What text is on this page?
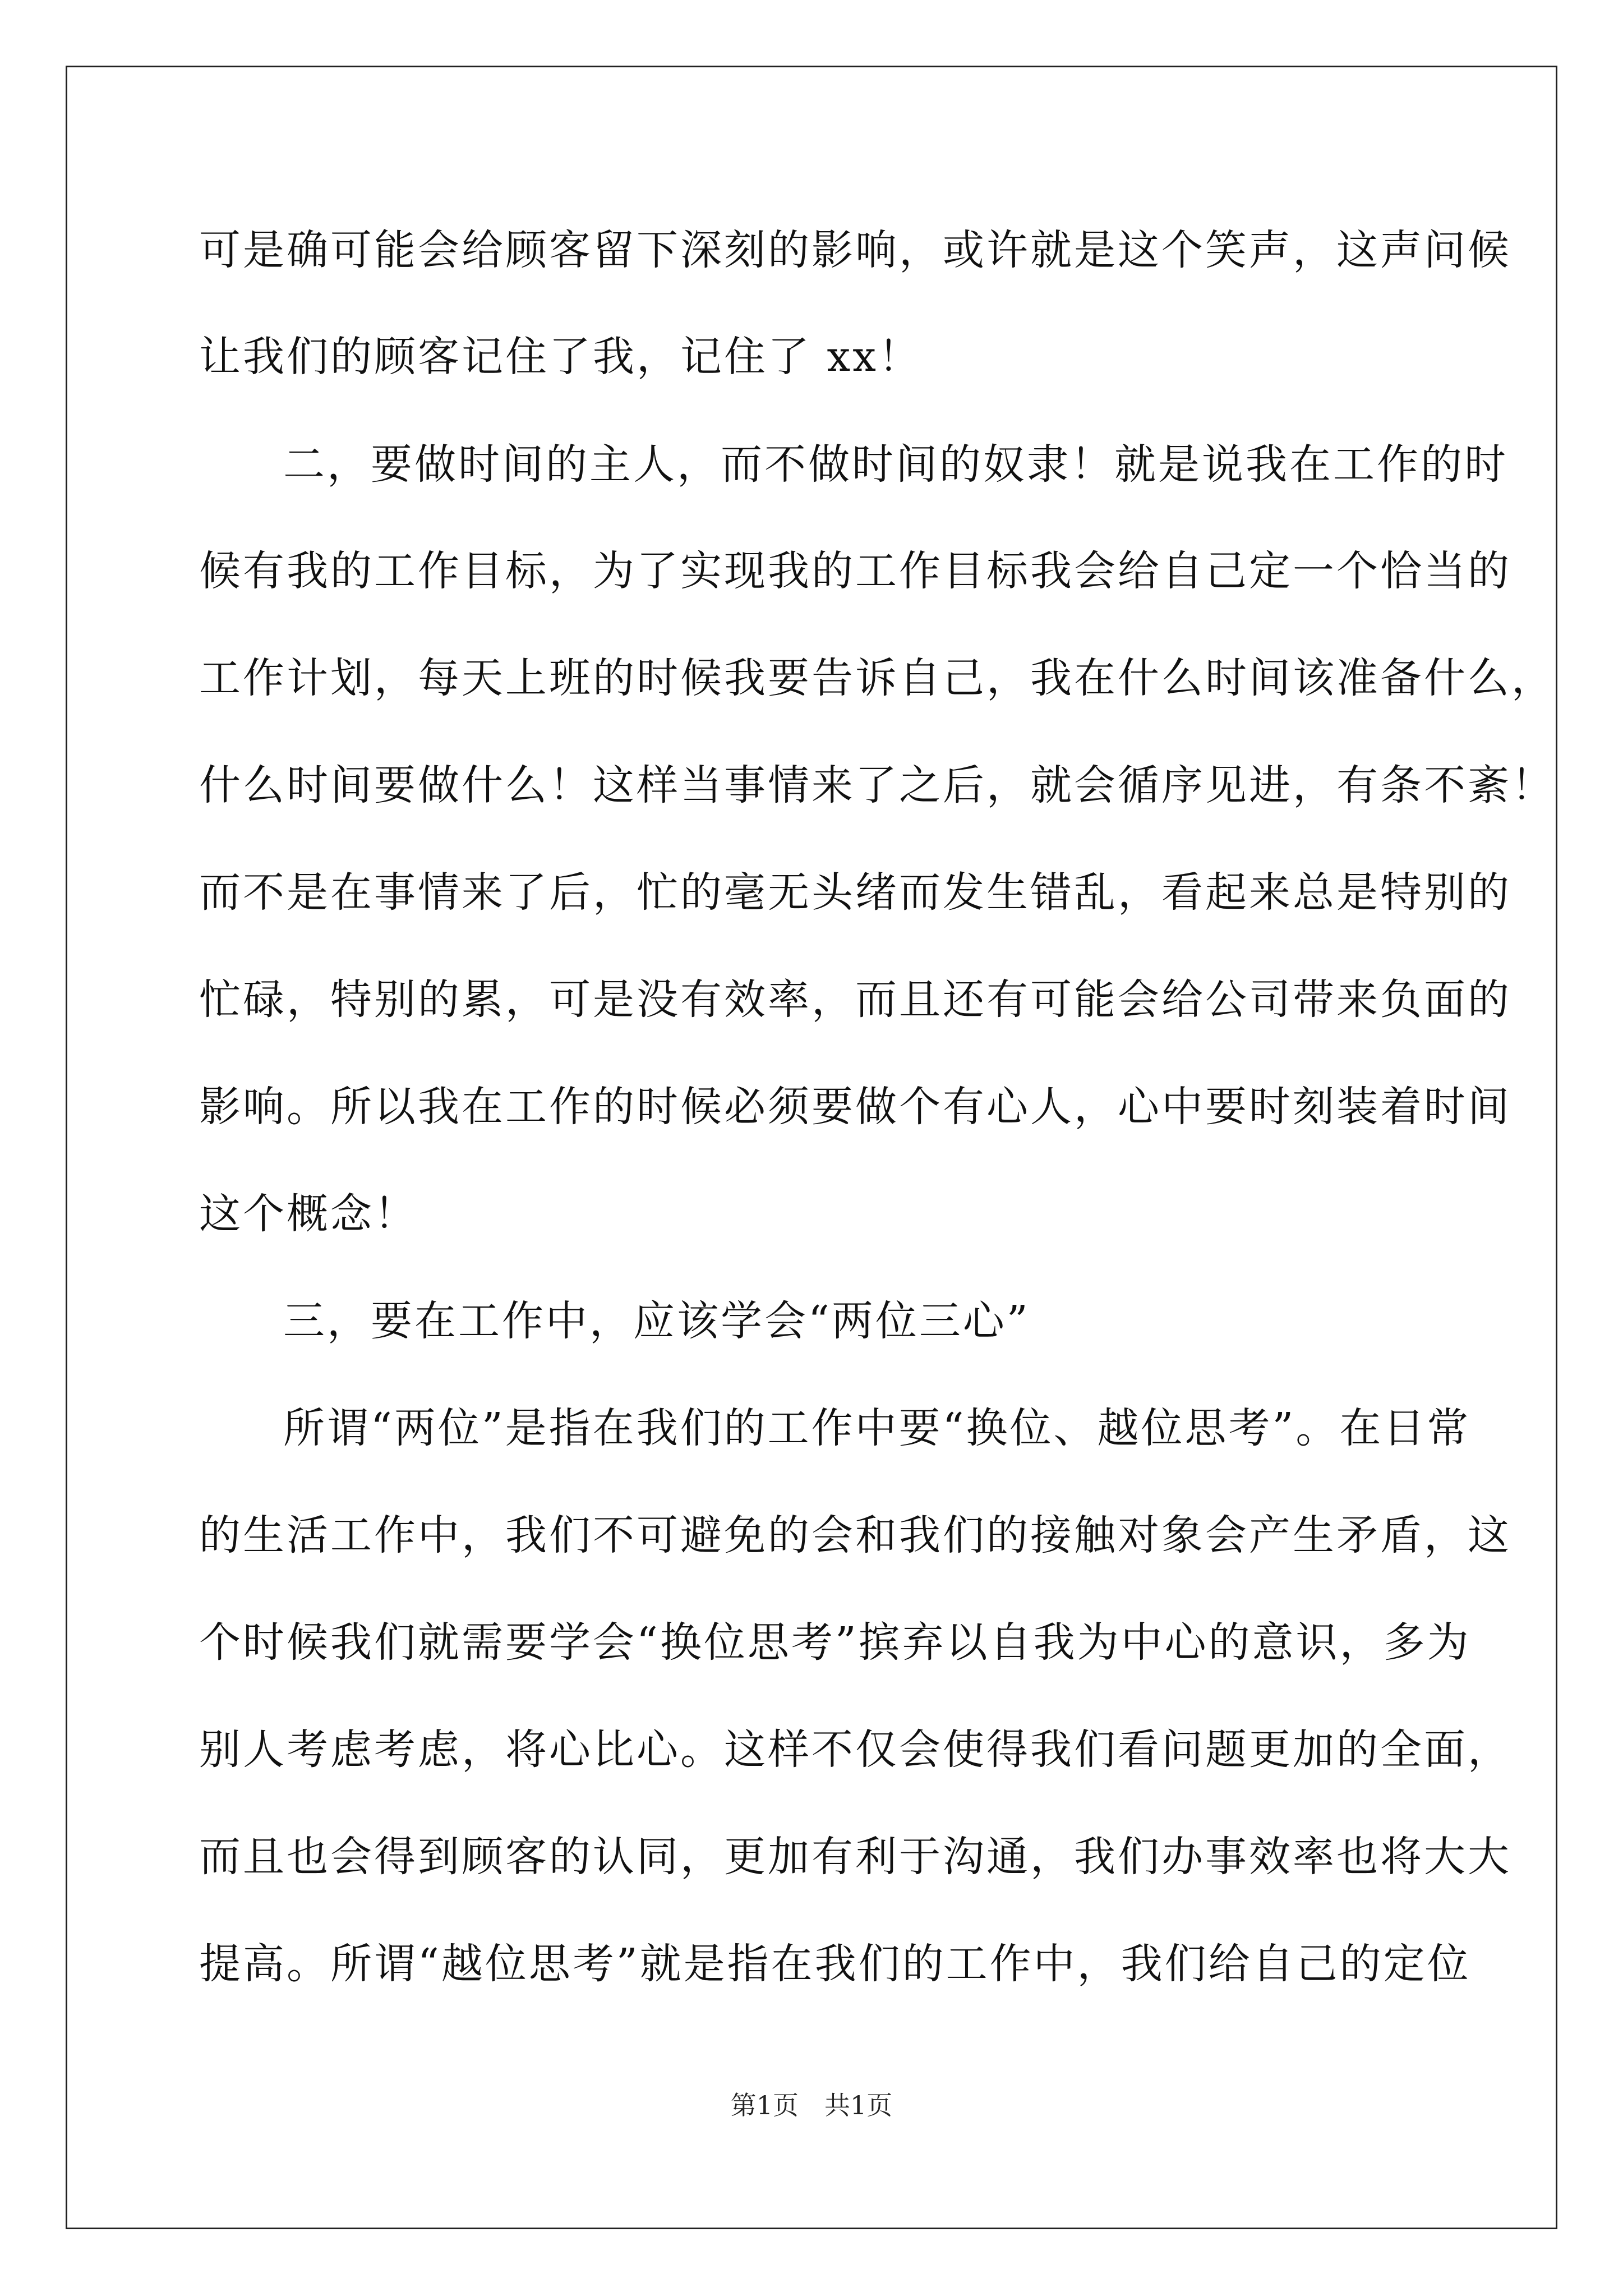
可是确可能会给顾客留下深刻的影响，或许就是这个笑声，这声问候
让我们的顾客记住了我，记住了 xx！
二，要做时间的主人，而不做时间的奴隶！就是说我在工作的时
候有我的工作目标，为了实现我的工作目标我会给自己定一个恰当的
工作计划，每天上班的时候我要告诉自己，我在什么时间该准备什么，
什么时间要做什么！这样当事情来了之后，就会循序见进，有条不紊！
而不是在事情来了后，忙的毫无头绪而发生错乱，看起来总是特别的
忙碌，特别的累，可是没有效率，而且还有可能会给公司带来负面的
影响。所以我在工作的时候必须要做个有心人，心中要时刻装着时间
这个概念！
三，要在工作中，应该学会“两位三心”
所谓“两位”是指在我们的工作中要“换位、越位思考”。在日常
的生活工作中，我们不可避免的会和我们的接触对象会产生矛盾，这
个时候我们就需要学会“换位思考”摈弃以自我为中心的意识，多为
别人考虑考虑，将心比心。这样不仅会使得我们看问题更加的全面，
而且也会得到顾客的认同，更加有利于沟通，我们办事效率也将大大
提高。所谓“越位思考”就是指在我们的工作中，我们给自己的定位
第1页　共1页
